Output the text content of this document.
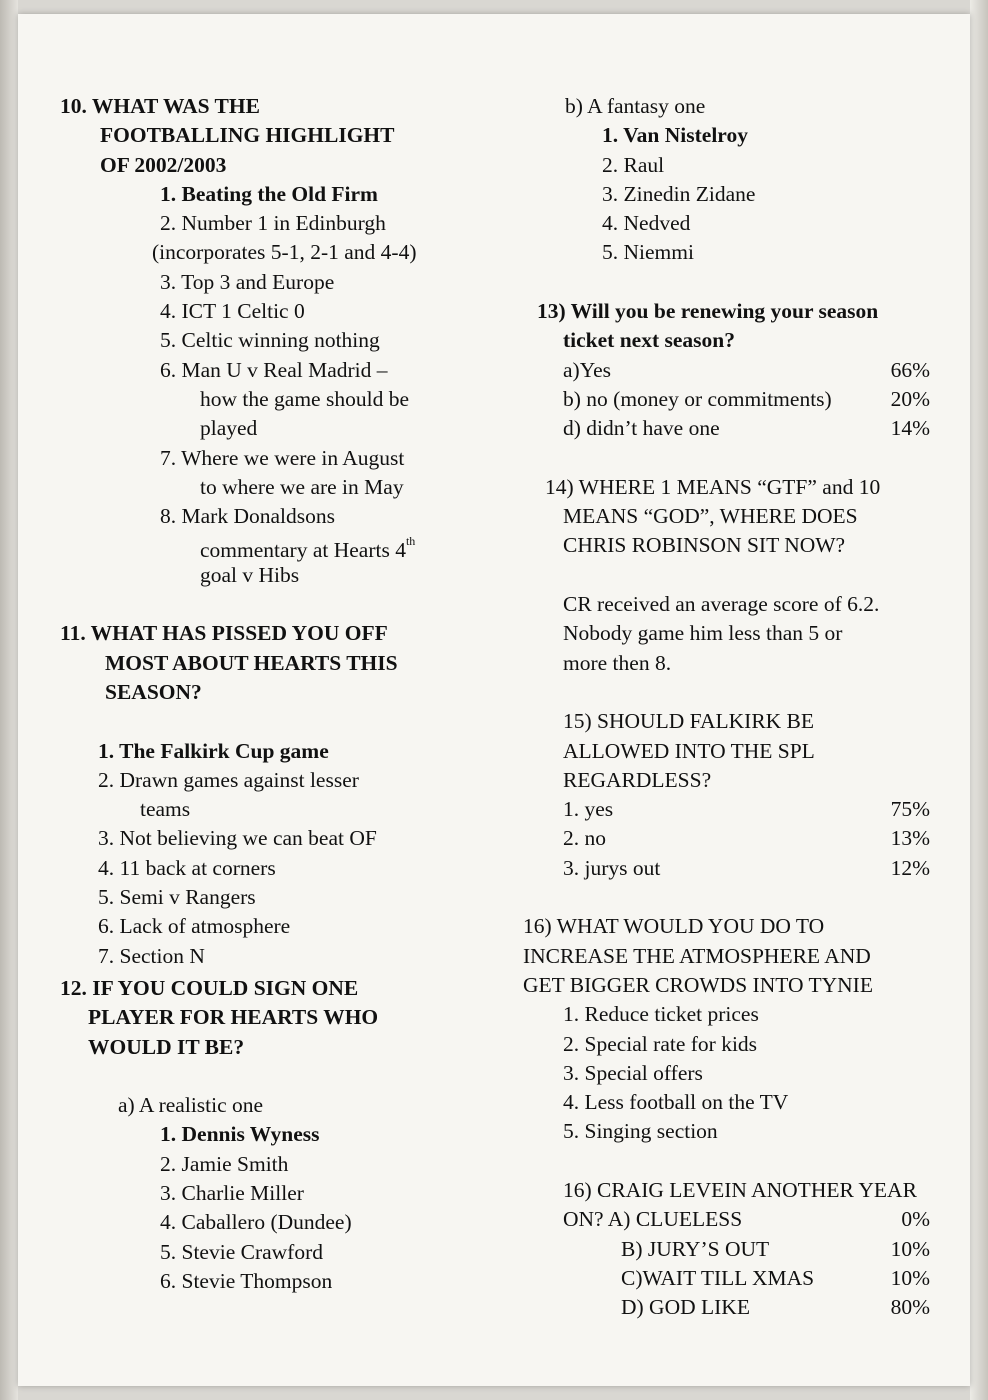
10. WHAT WAS THE
FOOTBALLING HIGHLIGHT
OF 2002/2003
1. Beating the Old Firm
2. Number 1 in Edinburgh
(incorporates 5-1, 2-1 and 4-4)
3. Top 3 and Europe
4. ICT 1 Celtic 0
5. Celtic winning nothing
6. Man U v Real Madrid –
how the game should be
played
7. Where we were in August
to where we are in May
8. Mark Donaldsons
commentary at Hearts 4th
goal v Hibs
11. WHAT HAS PISSED YOU OFF
MOST ABOUT HEARTS THIS
SEASON?
1. The Falkirk Cup game
2. Drawn games against lesser
teams
3. Not believing we can beat OF
4. 11 back at corners
5. Semi v Rangers
6. Lack of atmosphere
7. Section N
12. IF YOU COULD SIGN ONE
PLAYER FOR HEARTS WHO
WOULD IT BE?
a) A realistic one
1. Dennis Wyness
2. Jamie Smith
3. Charlie Miller
4. Caballero (Dundee)
5. Stevie Crawford
6. Stevie Thompson
b) A fantasy one
1. Van Nistelroy
2. Raul
3. Zinedin Zidane
4. Nedved
5. Niemmi
13) Will you be renewing your season
ticket next season?
a)Yes	66%
b) no (money or commitments)	20%
d) didn’t have one	14%
14) WHERE 1 MEANS “GTF” and 10
MEANS “GOD”, WHERE DOES
CHRIS ROBINSON SIT NOW?
CR received an average score of 6.2.
Nobody game him less than 5 or
more then 8.
15) SHOULD FALKIRK BE
ALLOWED INTO THE SPL
REGARDLESS?
1. yes	75%
2. no	13%
3. jurys out	12%
16) WHAT WOULD YOU DO TO
INCREASE THE ATMOSPHERE AND
GET BIGGER CROWDS INTO TYNIE
1. Reduce ticket prices
2. Special rate for kids
3. Special offers
4. Less football on the TV
5. Singing section
16) CRAIG LEVEIN ANOTHER YEAR
ON? A) CLUELESS	0%
B) JURY’S OUT	10%
C)WAIT TILL XMAS	10%
D) GOD LIKE	80%
